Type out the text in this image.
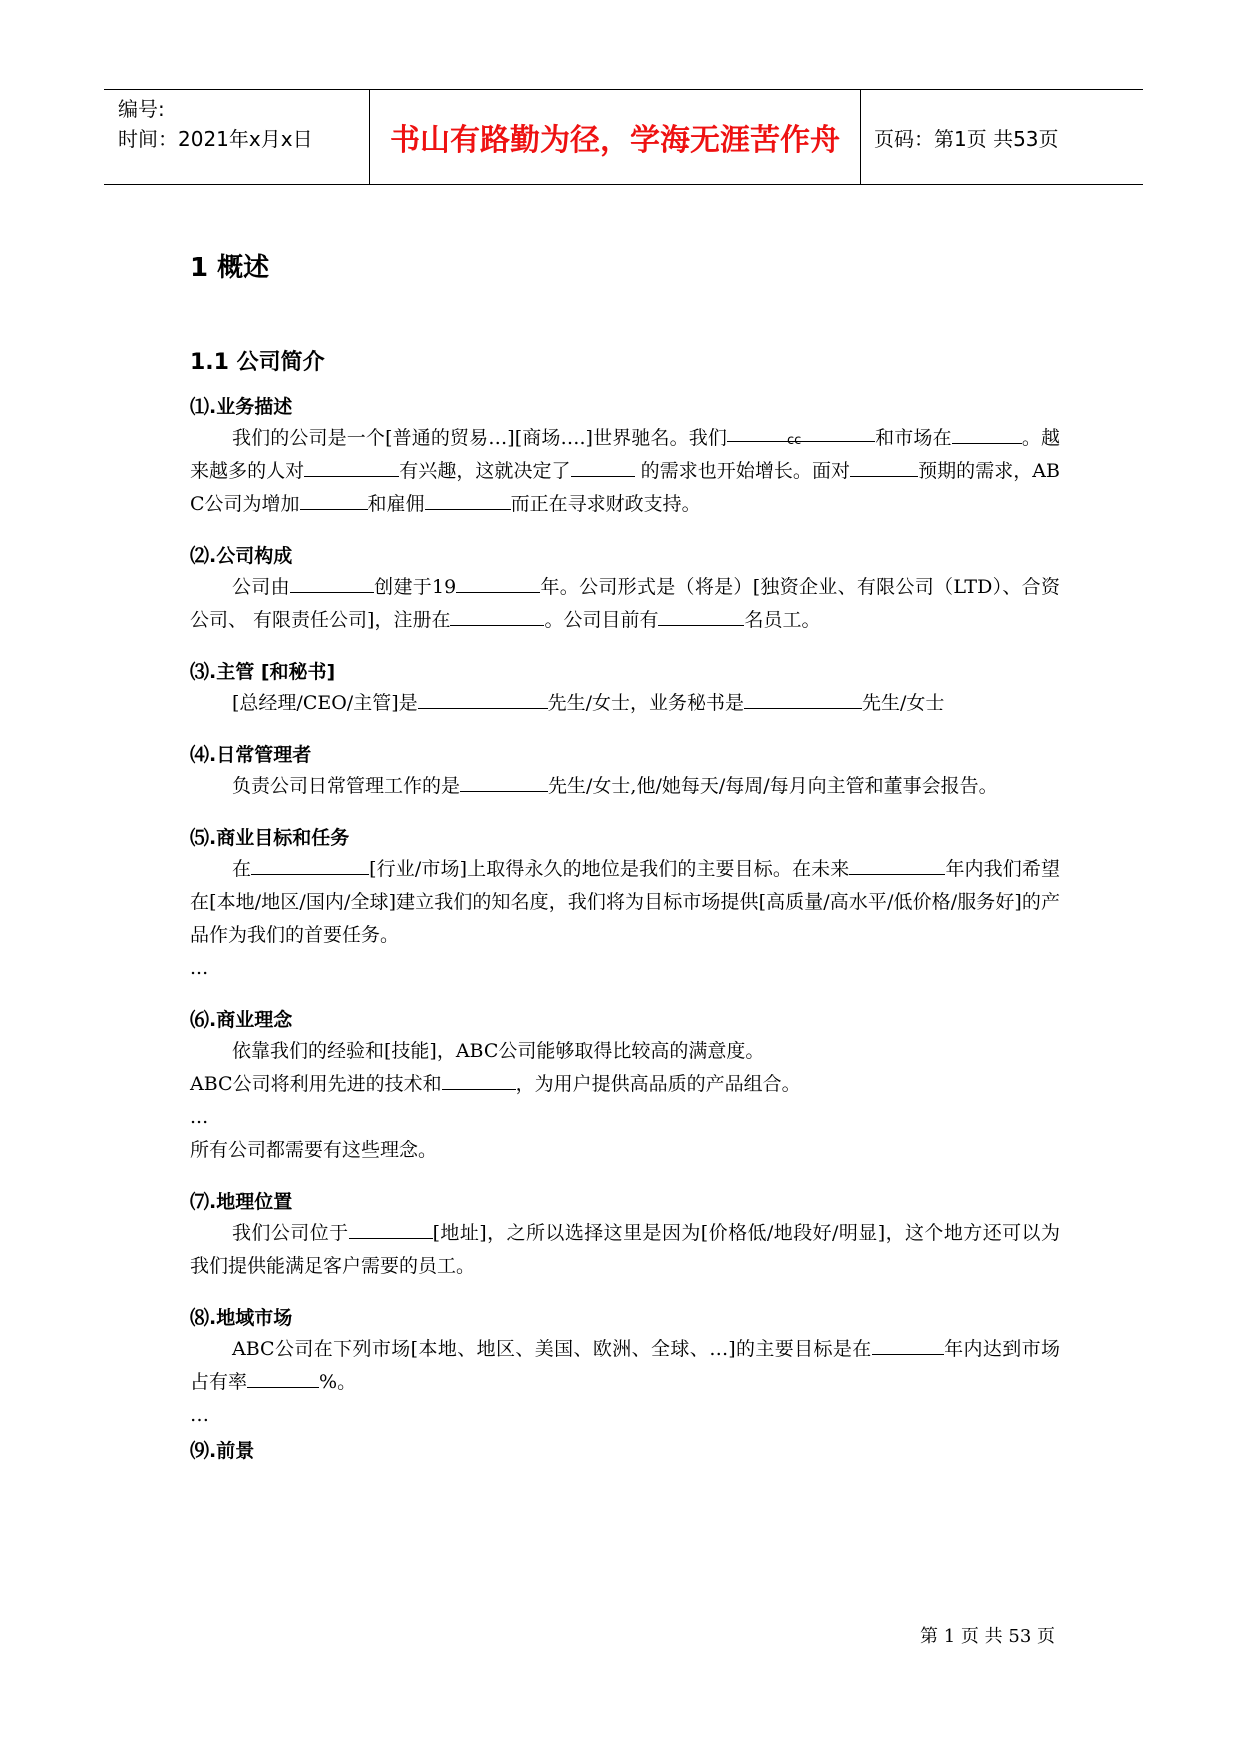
编号:
时间：2021年x月x日	书山有路勤为径，学海无涯苦作舟	页码：第1页 共53页
1 概述
1.1 公司简介
⑴.业务描述
我们的公司是一个[普通的贸易…][商场….]世界驰名。我们	cc	和市场在	。越来越多的人对	有兴趣，这就决定了	的需求也开始增长。面对	预期的需求，ABC公司为增加	和雇佣	而正在寻求财政支持。
⑵.公司构成
公司由	创建于19	年。公司形式是（将是）[独资企业、有限公司（LTD）、合资公司、 有限责任公司]，注册在	。公司目前有	名员工。
⑶.主管 [和秘书]
[总经理/CEO/主管]是	先生/女士，业务秘书是	先生/女士
⑷.日常管理者
负责公司日常管理工作的是	先生/女士,他/她每天/每周/每月向主管和董事会报告。
⑸.商业目标和任务
在	[行业/市场]上取得永久的地位是我们的主要目标。在未来	年内我们希望在[本地/地区/国内/全球]建立我们的知名度，我们将为目标市场提供[高质量/高水平/低价格/服务好]的产品作为我们的首要任务。
...
⑹.商业理念
依靠我们的经验和[技能]，ABC公司能够取得比较高的满意度。
ABC公司将利用先进的技术和	，为用户提供高品质的产品组合。
...
所有公司都需要有这些理念。
⑺.地理位置
我们公司位于	[地址]，之所以选择这里是因为[价格低/地段好/明显]，这个地方还可以为我们提供能满足客户需要的员工。
⑻.地域市场
ABC公司在下列市场[本地、地区、美国、欧洲、全球、…]的主要目标是在	年内达到市场占有率	%。
…
⑼.前景
第 1 页 共 53 页
